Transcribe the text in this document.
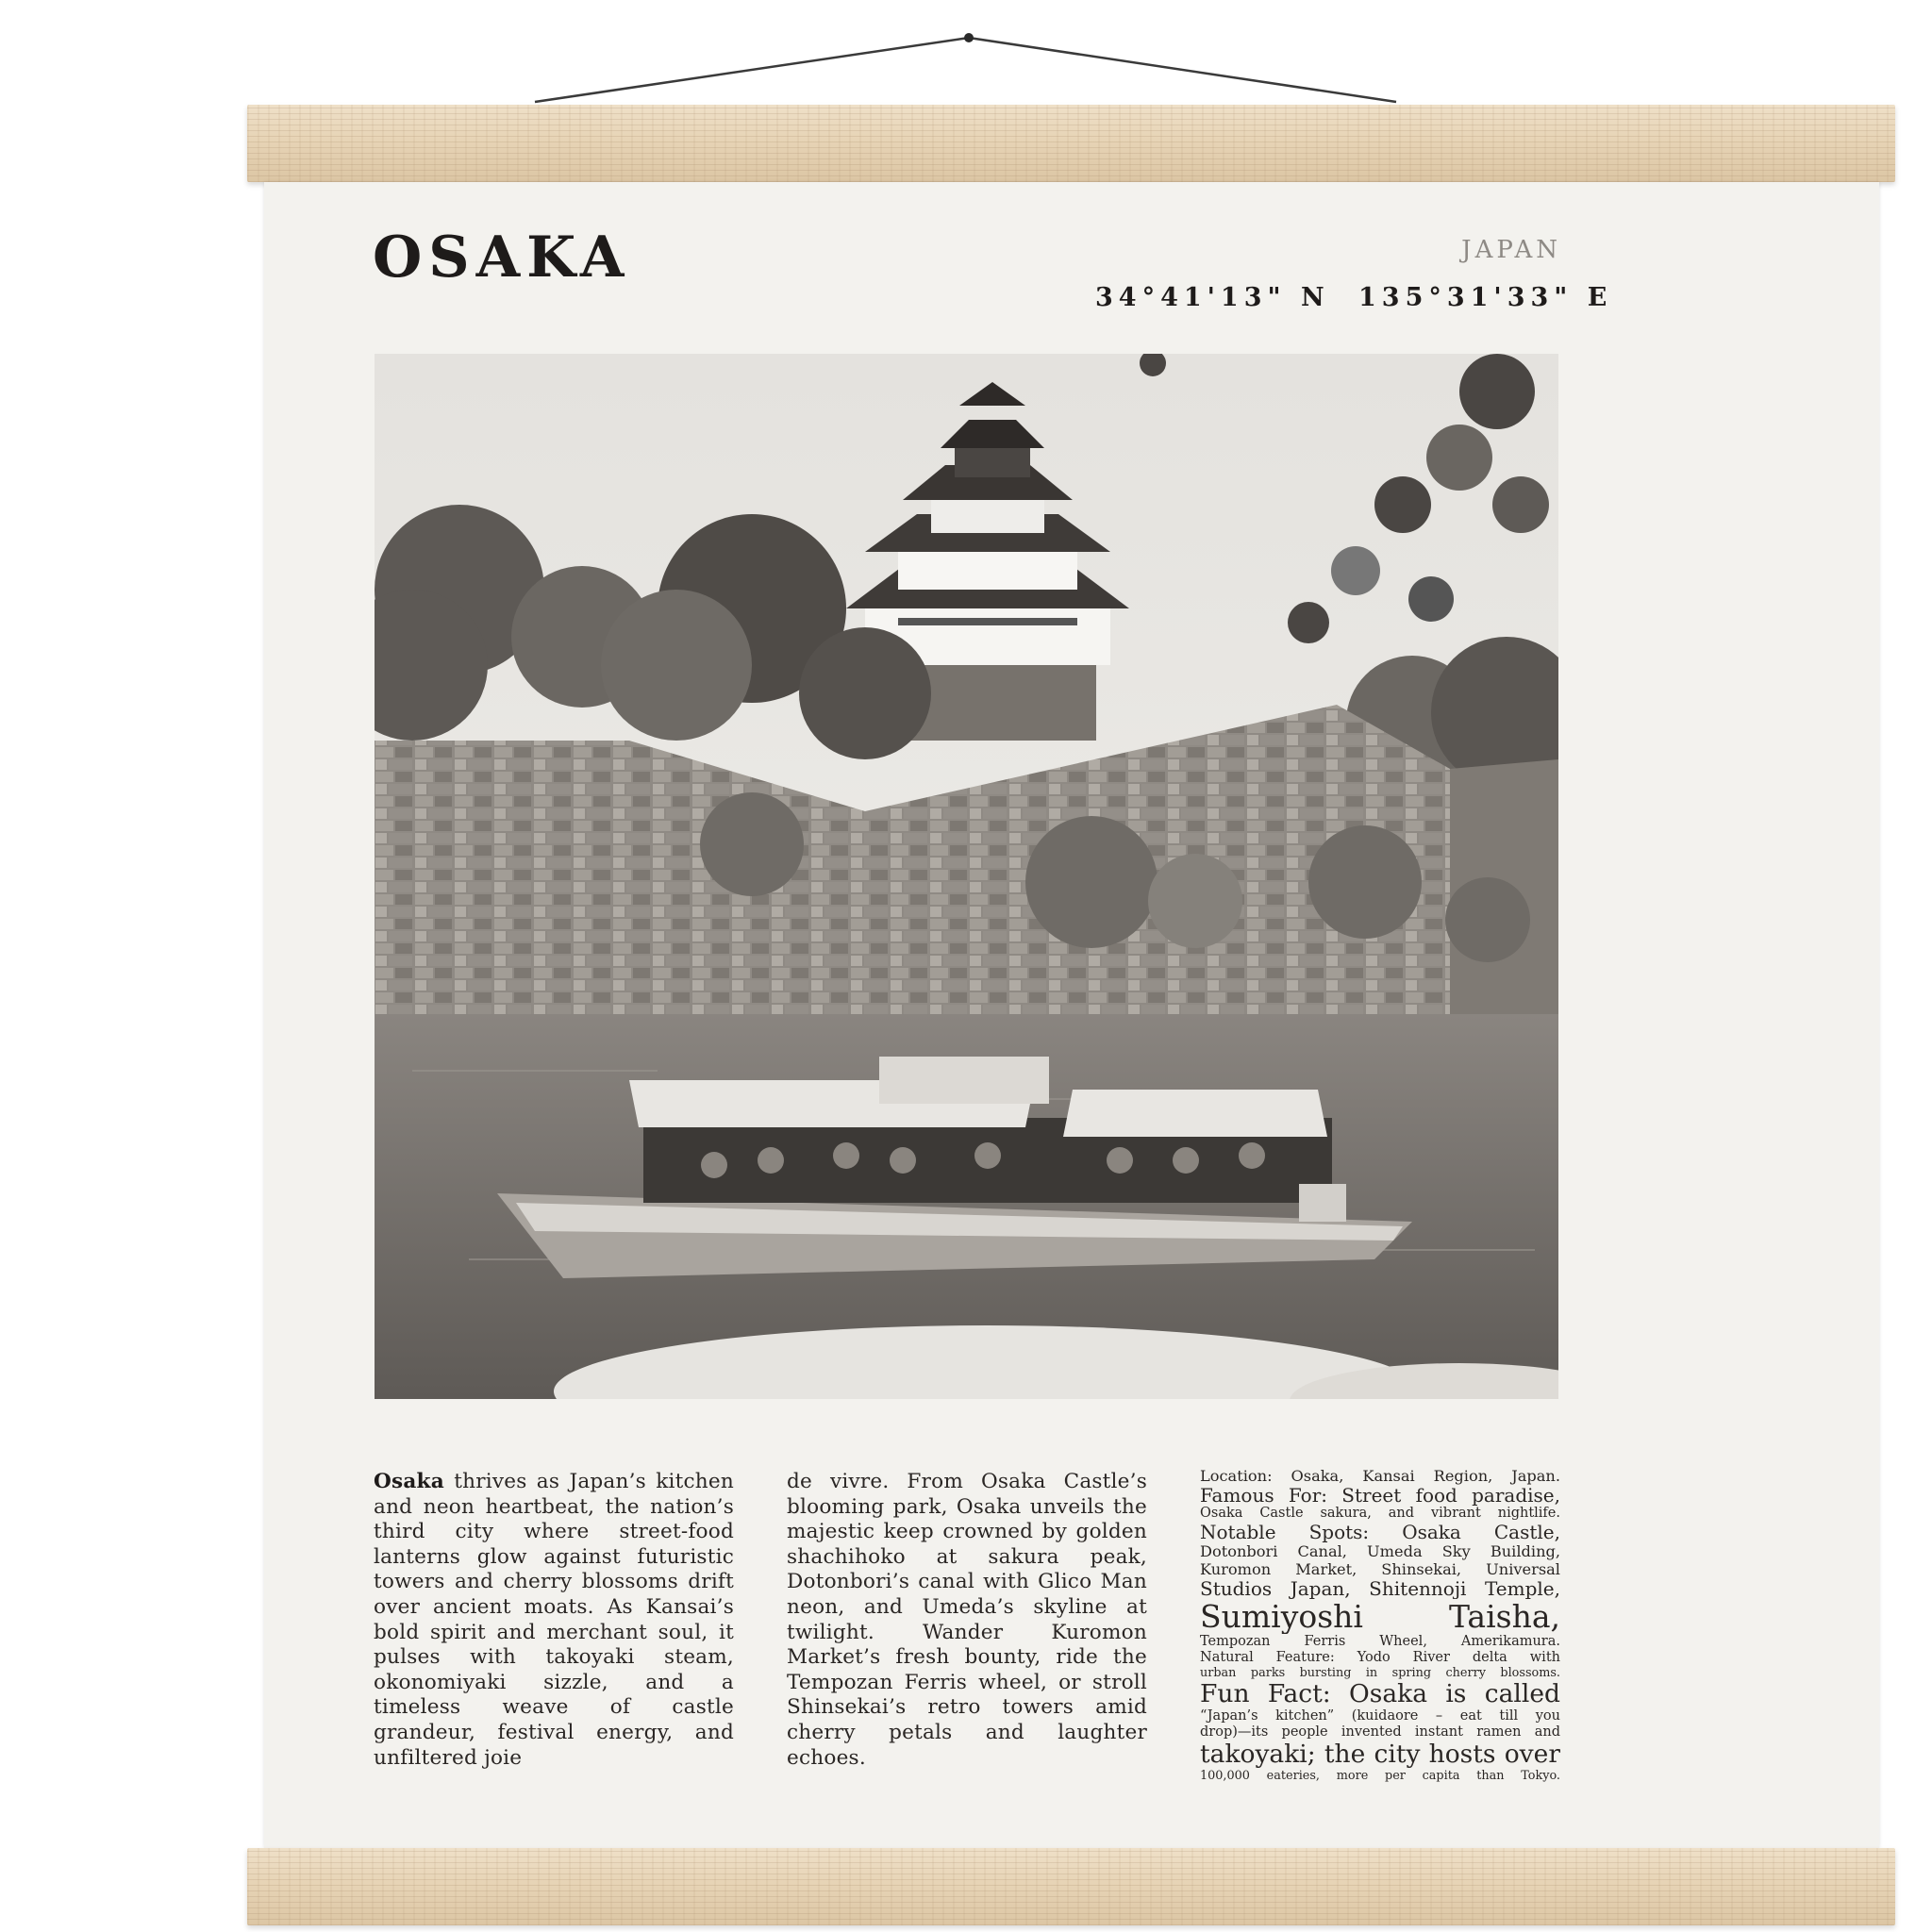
OSAKA	JAPAN
34°41'13" N 135°31'33" E
Osaka thrives as Japan’s kitchen and neon heartbeat, the nation’s third city where street-food lanterns glow against futuristic towers and cherry blossoms drift over ancient moats. As Kansai’s bold spirit and merchant soul, it pulses with takoyaki steam, okonomiyaki sizzle, and a timeless weave of castle grandeur, festival energy, and unfiltered joie
de vivre. From Osaka Castle’s blooming park, Osaka unveils the majestic keep crowned by golden shachihoko at sakura peak, Dotonbori’s canal with Glico Man neon, and Umeda’s skyline at twilight. Wander Kuromon Market’s fresh bounty, ride the Tempozan Ferris wheel, or stroll Shinsekai’s retro towers amid cherry petals and laughter echoes.
Location: Osaka, Kansai Region, Japan.
Famous For: Street food paradise,
Osaka Castle sakura, and vibrant nightlife.
Notable Spots: Osaka Castle,
Dotonbori Canal, Umeda Sky Building,
Kuromon Market, Shinsekai, Universal
Studios Japan, Shitennoji Temple,
Sumiyoshi Taisha,
Tempozan Ferris Wheel, Amerikamura.
Natural Feature: Yodo River delta with
urban parks bursting in spring cherry blossoms.
Fun Fact: Osaka is called
“Japan’s kitchen” (kuidaore – eat till you
drop)—its people invented instant ramen and
takoyaki; the city hosts over
100,000 eateries, more per capita than Tokyo.
